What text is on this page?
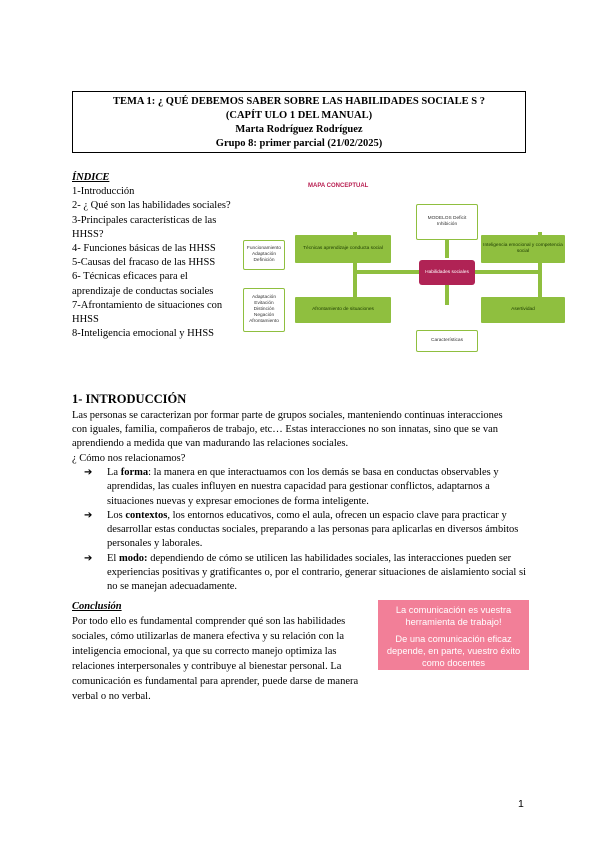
TEMA 1: ¿ QUÉ DEBEMOS SABER SOBRE LAS HABILIDADES SOCIALE S ?
(CAPÍT ULO 1 DEL MANUAL)
Marta Rodríguez Rodríguez
Grupo 8: primer parcial (21/02/2025)
ÍNDICE
1-Introducción
2- ¿ Qué son las habilidades sociales?
3-Principales características de las HHSS?
4- Funciones básicas de las HHSS
5-Causas del fracaso de las HHSS
6- Técnicas eficaces para el aprendizaje de conductas sociales
7-Afrontamiento de situaciones con HHSS
8-Inteligencia emocional y HHSS
MAPA CONCEPTUAL
MODELOS Deficit Inhibición
Funcionamiento Adaptación Definición
Técnicas aprendizaje conducta social
Inteligencia emocional y competencia social
Habilidades sociales
Adaptación Evitación Distinción Negación Afrontamiento
Afrontamiento de situaciones	Asertividad
Características
1- INTRODUCCIÓN
Las personas se caracterizan por formar parte de grupos sociales, manteniendo continuas interacciones
con iguales, familia, compañeros de trabajo, etc… Estas interacciones no son innatas, sino que se van
aprendiendo a medida que van madurando las relaciones sociales.
¿ Cómo nos relacionamos?
➔	La forma: la manera en que interactuamos con los demás se basa en conductas observables y aprendidas, las cuales influyen en nuestra capacidad para gestionar conflictos, adaptarnos a situaciones nuevas y expresar emociones de forma inteligente.
➔	Los contextos, los entornos educativos, como el aula, ofrecen un espacio clave para practicar y desarrollar estas conductas sociales, preparando a las personas para aplicarlas en diversos ámbitos personales y laborales.
➔	El modo: dependiendo de cómo se utilicen las habilidades sociales, las interacciones pueden ser experiencias positivas y gratificantes o, por el contrario, generar situaciones de aislamiento social si no se manejan adecuadamente.
Conclusión
Por todo ello es fundamental comprender qué son las habilidades sociales, cómo utilizarlas de manera efectiva y su relación con la inteligencia emocional, ya que su correcto manejo optimiza las relaciones interpersonales y contribuye al bienestar personal. La comunicación es fundamental para aprender, puede darse de manera verbal o no verbal.

La comunicación es vuestra herramienta de trabajo!

De una comunicación eficaz depende, en parte, vuestro éxito como docentes

1
